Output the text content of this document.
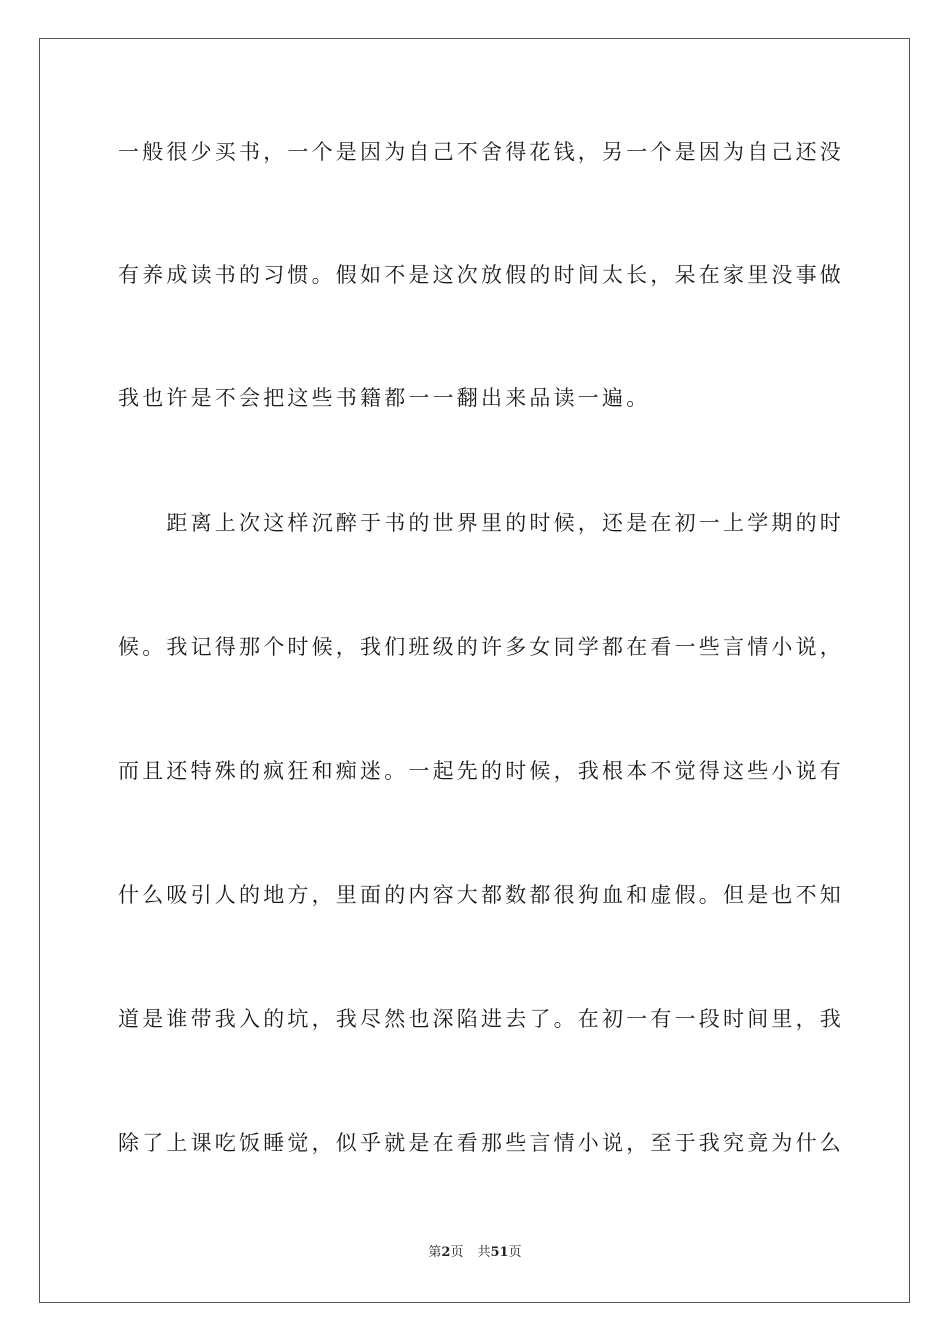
一般很少买书，一个是因为自己不舍得花钱，另一个是因为自己还没
有养成读书的习惯。假如不是这次放假的时间太长，呆在家里没事做
我也许是不会把这些书籍都一一翻出来品读一遍。
　　距离上次这样沉醉于书的世界里的时候，还是在初一上学期的时
候。我记得那个时候，我们班级的许多女同学都在看一些言情小说，
而且还特殊的疯狂和痴迷。一起先的时候，我根本不觉得这些小说有
什么吸引人的地方，里面的内容大都数都很狗血和虚假。但是也不知
道是谁带我入的坑，我尽然也深陷进去了。在初一有一段时间里，我
除了上课吃饭睡觉，似乎就是在看那些言情小说，至于我究竟为什么
第2页 共51页
